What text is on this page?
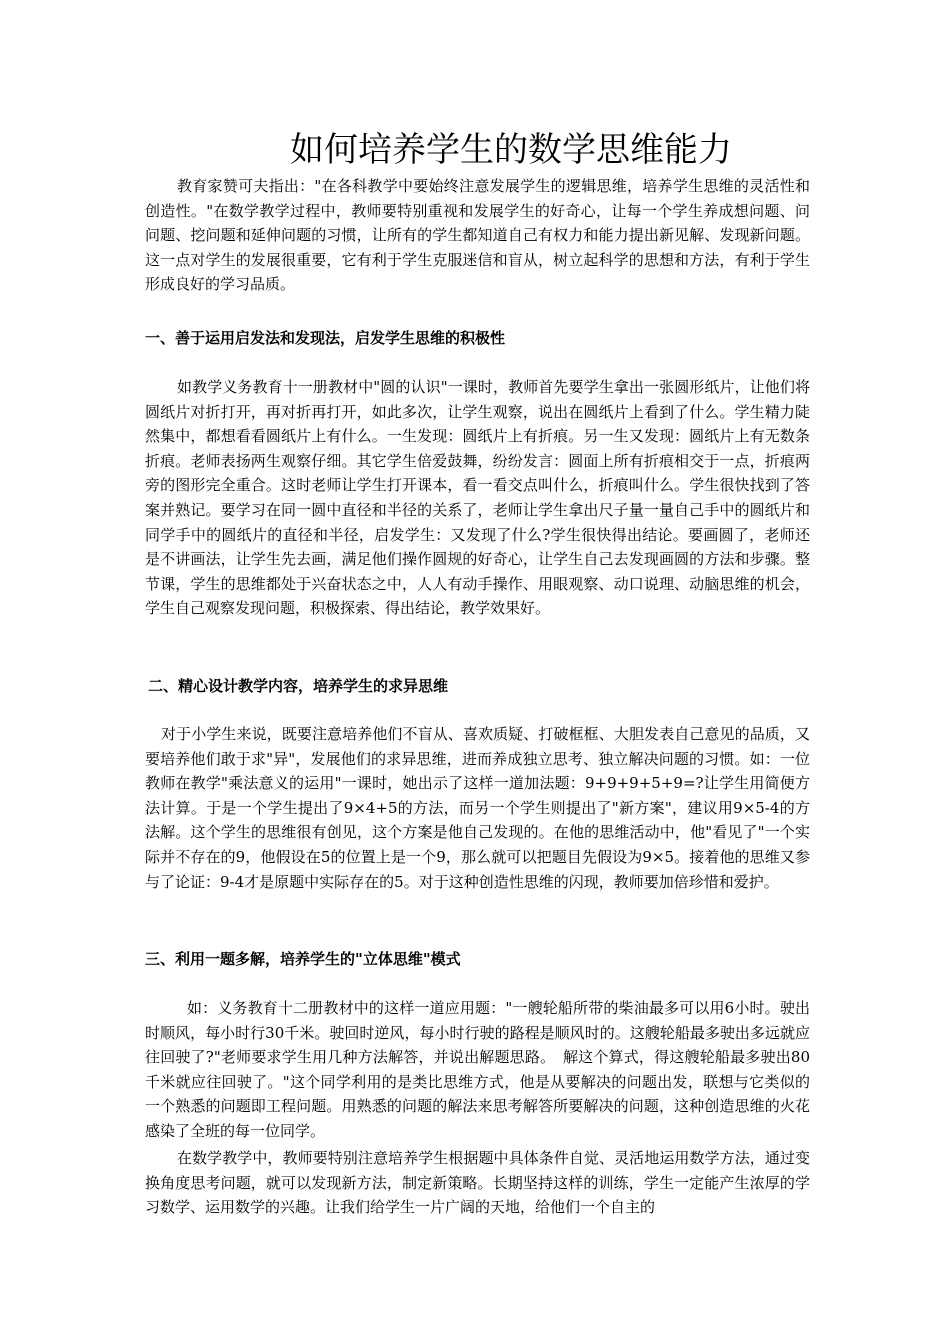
如何培养学生的数学思维能力

教育家赞可夫指出："在各科教学中要始终注意发展学生的逻辑思维，培养学生思维的灵活性和创造性。"在数学教学过程中，教师要特别重视和发展学生的好奇心，让每一个学生养成想问题、问问题、挖问题和延伸问题的习惯，让所有的学生都知道自己有权力和能力提出新见解、发现新问题。这一点对学生的发展很重要，它有利于学生克服迷信和盲从，树立起科学的思想和方法，有利于学生形成良好的学习品质。

一、善于运用启发法和发现法，启发学生思维的积极性

如教学义务教育十一册教材中"圆的认识"一课时，教师首先要学生拿出一张圆形纸片，让他们将圆纸片对折打开，再对折再打开，如此多次，让学生观察，说出在圆纸片上看到了什么。学生精力陡然集中，都想看看圆纸片上有什么。一生发现：圆纸片上有折痕。另一生又发现：圆纸片上有无数条折痕。老师表扬两生观察仔细。其它学生倍爱鼓舞，纷纷发言：圆面上所有折痕相交于一点，折痕两旁的图形完全重合。这时老师让学生打开课本，看一看交点叫什么，折痕叫什么。学生很快找到了答案并熟记。要学习在同一圆中直径和半径的关系了，老师让学生拿出尺子量一量自己手中的圆纸片和同学手中的圆纸片的直径和半径，启发学生：又发现了什么?学生很快得出结论。要画圆了，老师还是不讲画法，让学生先去画，满足他们操作圆规的好奇心，让学生自己去发现画圆的方法和步骤。整节课，学生的思维都处于兴奋状态之中，人人有动手操作、用眼观察、动口说理、动脑思维的机会，学生自己观察发现问题，积极探索、得出结论，教学效果好。

二、精心设计教学内容，培养学生的求异思维

对于小学生来说，既要注意培养他们不盲从、喜欢质疑、打破框框、大胆发表自己意见的品质，又要培养他们敢于求"异"，发展他们的求异思维，进而养成独立思考、独立解决问题的习惯。如：一位教师在教学"乘法意义的运用"一课时，她出示了这样一道加法题：9+9+9+5+9=?让学生用简便方法计算。于是一个学生提出了9×4+5的方法，而另一个学生则提出了"新方案"，建议用9×5-4的方法解。这个学生的思维很有创见，这个方案是他自己发现的。在他的思维活动中，他"看见了"一个实际并不存在的9，他假设在5的位置上是一个9，那么就可以把题目先假设为9×5。接着他的思维又参与了论证：9-4才是原题中实际存在的5。对于这种创造性思维的闪现，教师要加倍珍惜和爱护。

三、利用一题多解，培养学生的"立体思维"模式

如：义务教育十二册教材中的这样一道应用题："一艘轮船所带的柴油最多可以用6小时。驶出时顺风，每小时行30千米。驶回时逆风，每小时行驶的路程是顺风时的。这艘轮船最多驶出多远就应往回驶了?"老师要求学生用几种方法解答，并说出解题思路。　解这个算式，得这艘轮船最多驶出80千米就应往回驶了。"这个同学利用的是类比思维方式，他是从要解决的问题出发，联想与它类似的一个熟悉的问题即工程问题。用熟悉的问题的解法来思考解答所要解决的问题，这种创造思维的火花感染了全班的每一位同学。

在数学教学中，教师要特别注意培养学生根据题中具体条件自觉、灵活地运用数学方法，通过变换角度思考问题，就可以发现新方法，制定新策略。长期坚持这样的训练，学生一定能产生浓厚的学习数学、运用数学的兴趣。让我们给学生一片广阔的天地，给他们一个自主的
